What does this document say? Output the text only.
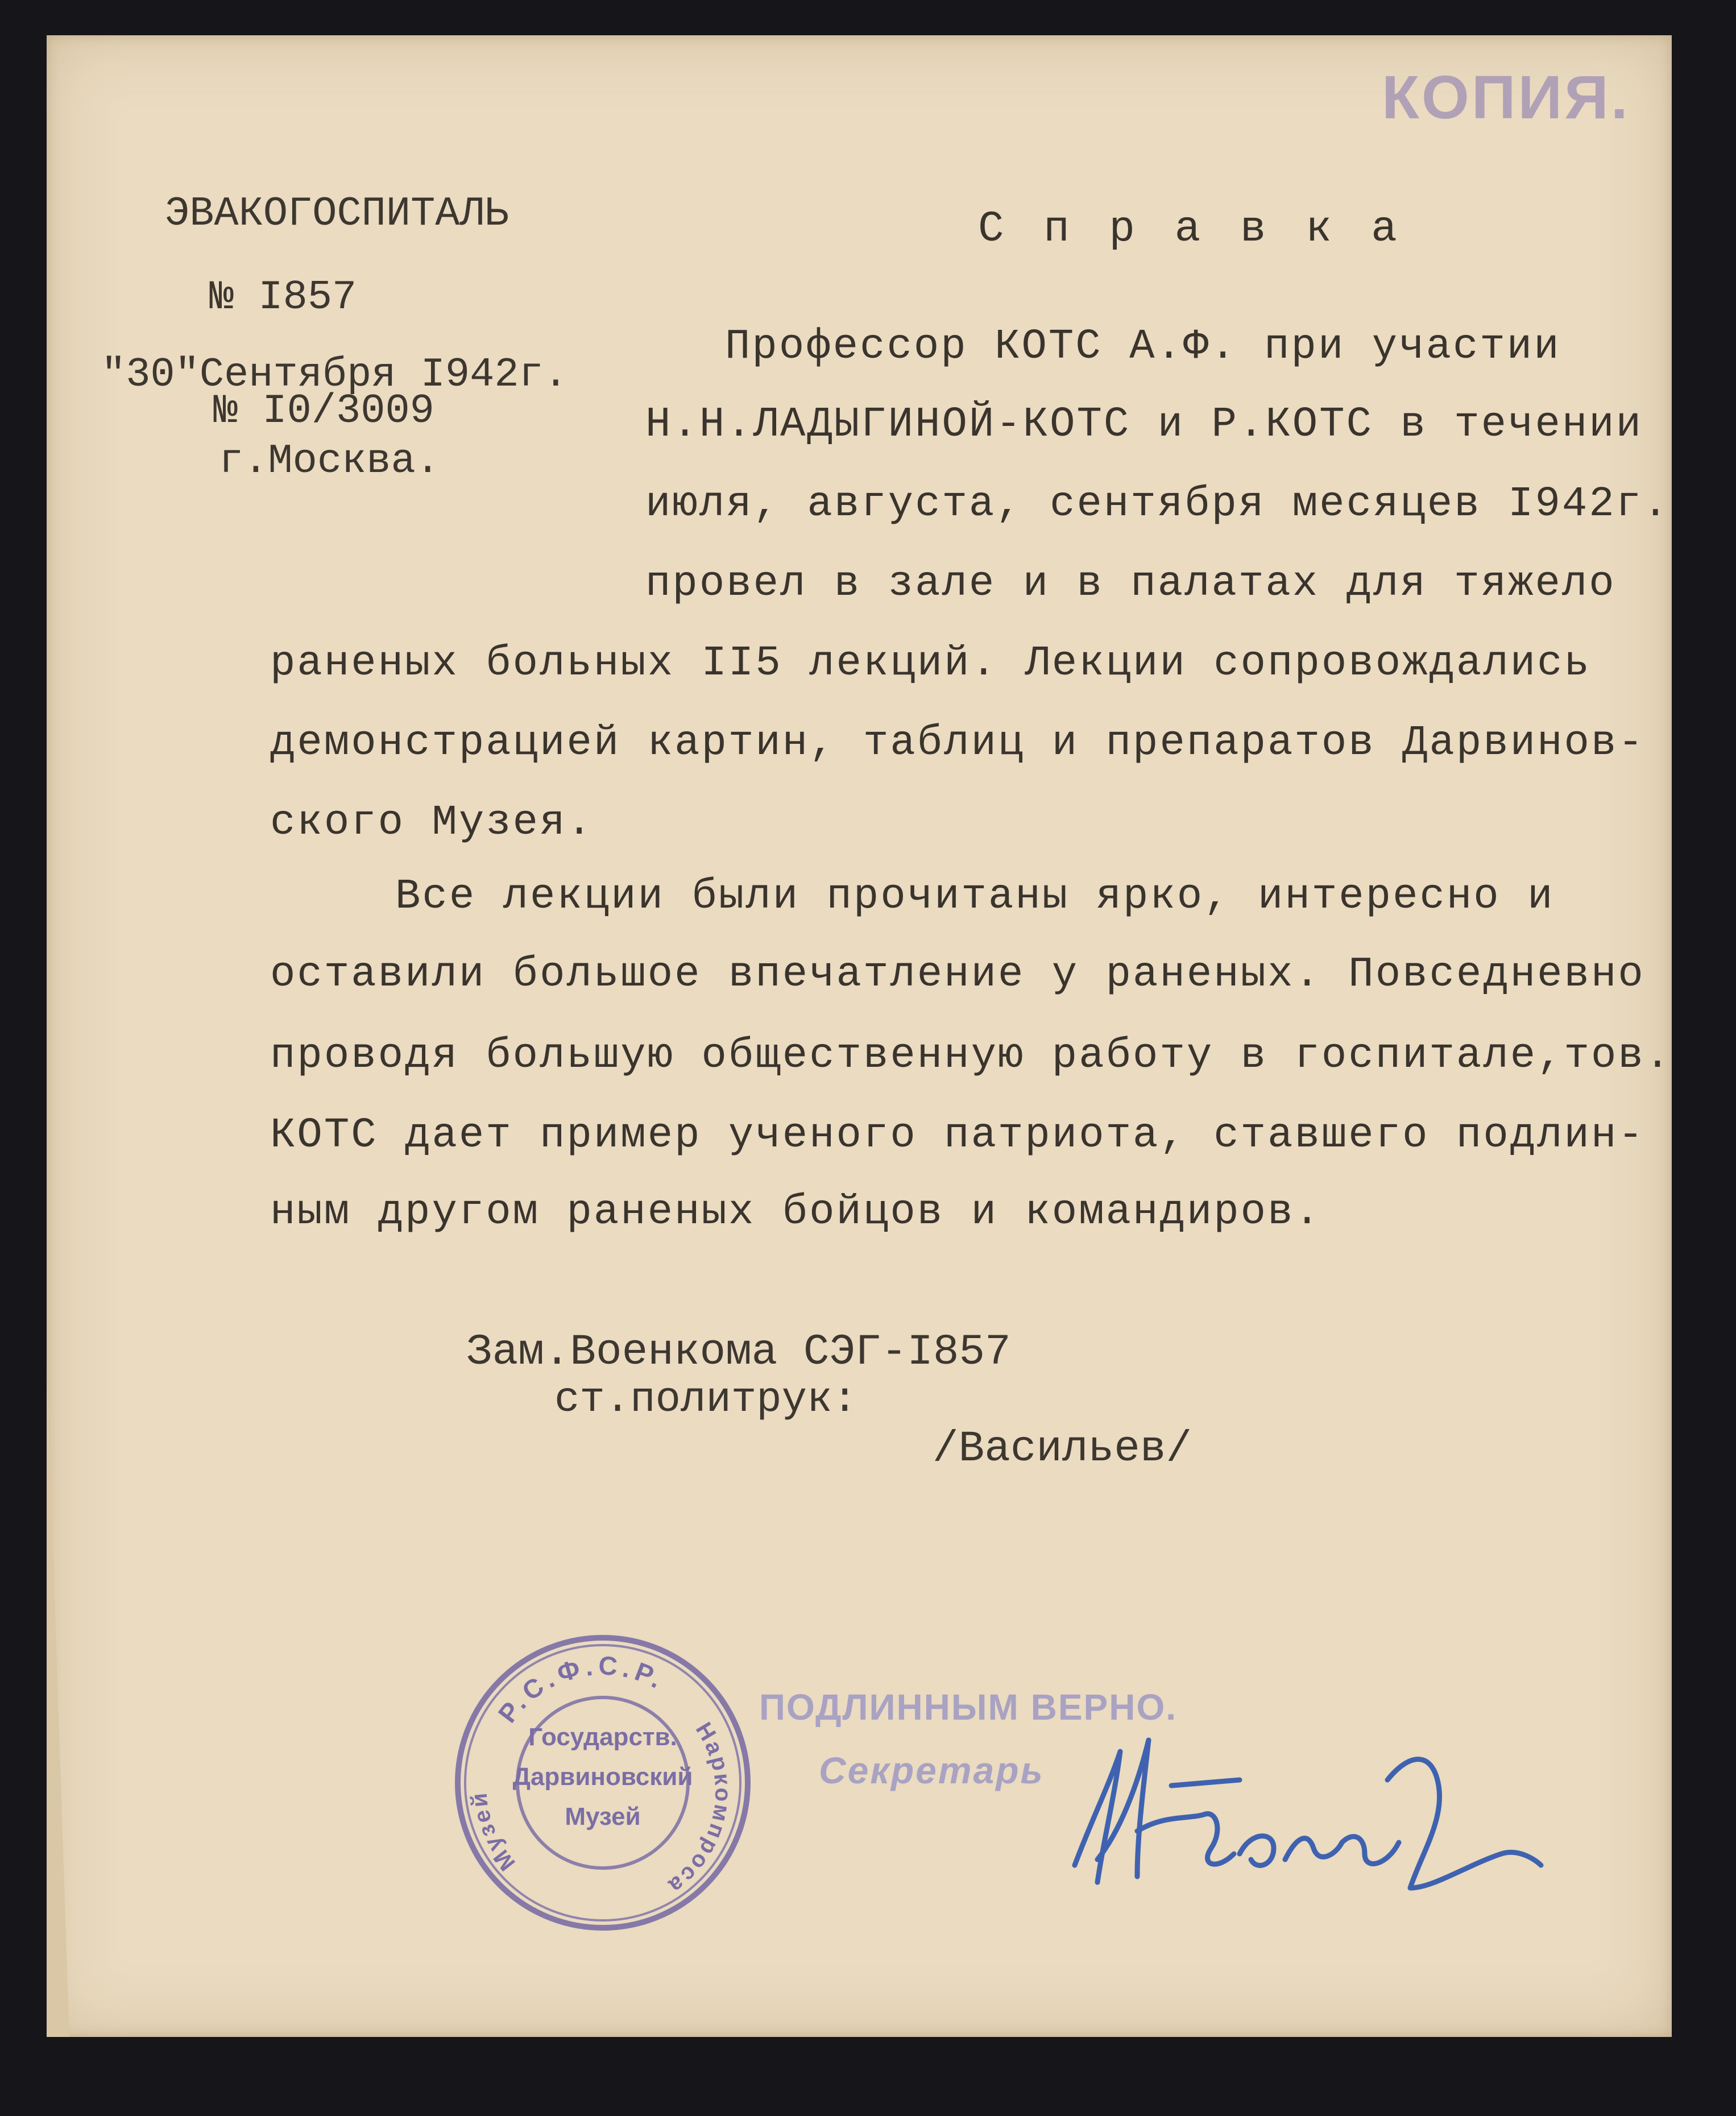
КОПИЯ.
ЭВАКОГОСПИТАЛЬ
№ I857
"30"Сентября I942г.
№ I0/3009
г.Москва.
С п р а в к а
Профессор КОТС А.Ф. при участии
Н.Н.ЛАДЫГИНОЙ-КОТС и Р.КОТС в течении
июля, августа, сентября месяцев I942г.
провел в зале и в палатах для тяжело
раненых больных II5 лекций. Лекции сопровождались
демонстрацией картин, таблиц и препаратов Дарвинов-
ского Музея.
Все лекции были прочитаны ярко, интересно и
оставили большое впечатление у раненых. Повседневно
проводя большую общественную работу в госпитале,тов.
КОТС дает пример ученого патриота, ставшего подлин-
ным другом раненых бойцов и командиров.
Зам.Военкома СЭГ-I857
ст.политрук:
/Васильев/
Р.С.Ф.С.Р.
Музей
Наркомпроса
Государств.
Дарвиновский
Музей
ПОДЛИННЫМ ВЕРНО.
Секретарь
